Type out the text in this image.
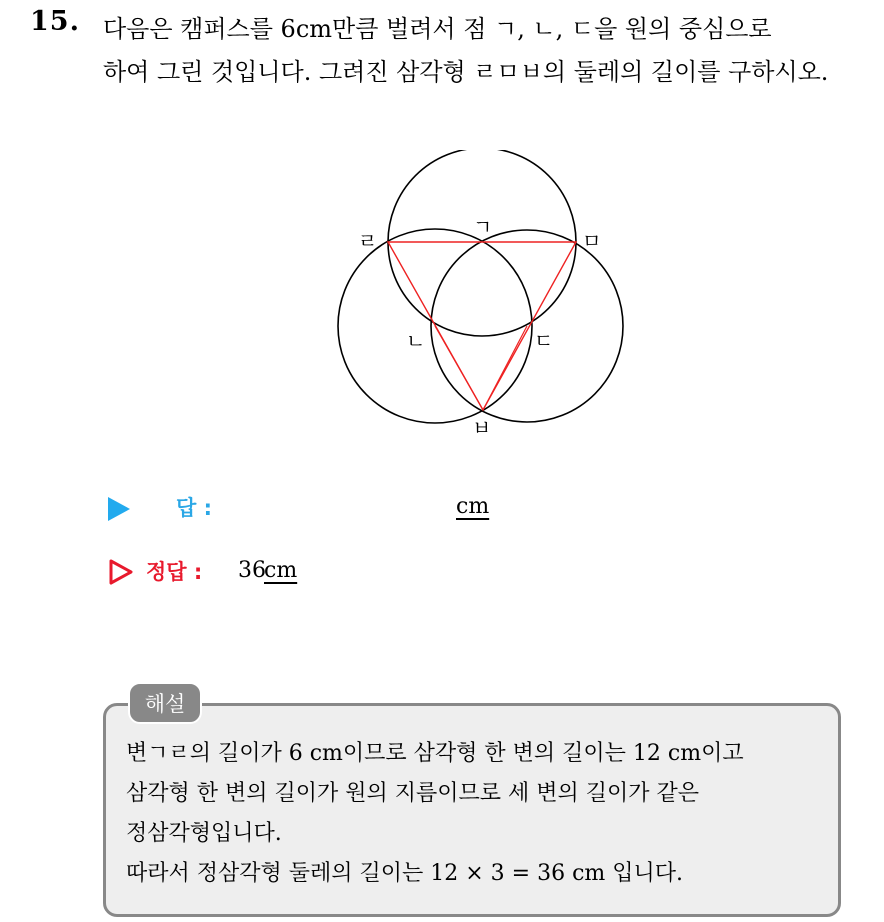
15. 다음은 캠퍼스를 6cm만큼 벌려서 점 ㄱ, ㄴ, ㄷ을 원의 중심으로
하여 그린 것입니다. 그려진 삼각형 ㄹㅁㅂ의 둘레의 길이를 구하시오.
ㄱ
ㄹ	ㅁ
ㄴ	ㄷ
ㅂ
답 :	cm
정답 : 36
cm
해설
변ㄱㄹ의 길이가 6 cm이므로 삼각형 한 변의 길이는 12 cm이고
삼각형 한 변의 길이가 원의 지름이므로 세 변의 길이가 같은
정삼각형입니다.
따라서 정삼각형 둘레의 길이는 12 × 3 = 36 cm 입니다.
